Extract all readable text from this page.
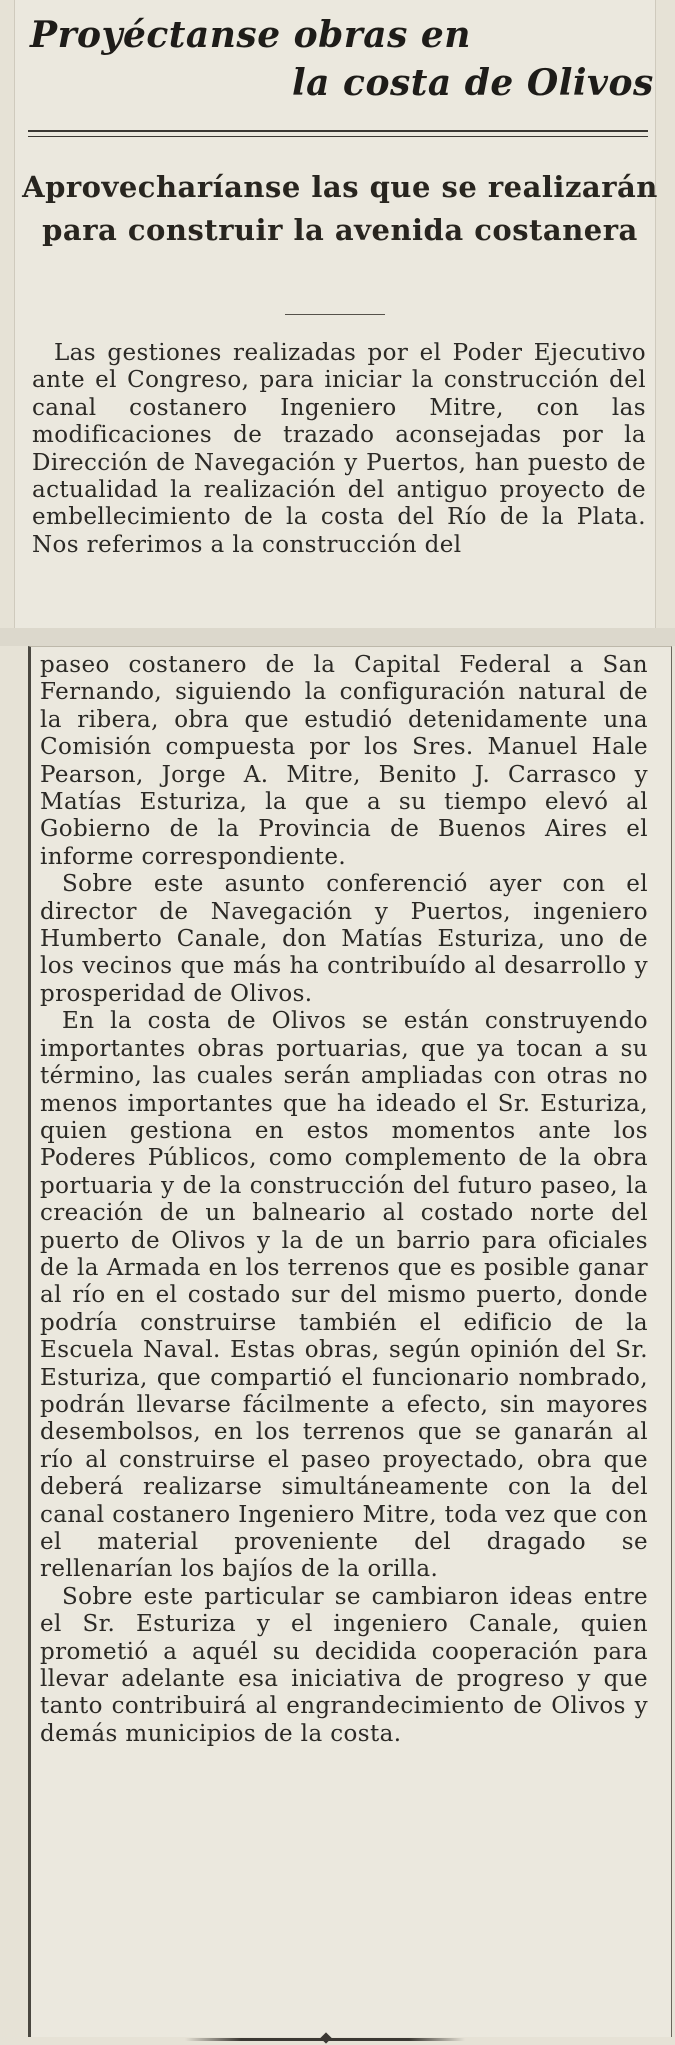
Proyéctanse obras en
la costa de Olivos
Aprovecharíanse las que se realizarán para construir la avenida costanera

Las gestiones realizadas por el Poder Ejecutivo ante el Congreso, para iniciar la construcción del canal costanero Ingeniero Mitre, con las modificaciones de trazado aconsejadas por la Dirección de Navegación y Puertos, han puesto de actualidad la realización del antiguo proyecto de embellecimiento de la costa del Río de la Plata. Nos referimos a la construcción del

paseo costanero de la Capital Federal a San Fernando, siguiendo la configuración natural de la ribera, obra que estudió detenidamente una Comisión compuesta por los Sres. Manuel Hale Pearson, Jorge A. Mitre, Benito J. Carrasco y Matías Esturiza, la que a su tiempo elevó al Gobierno de la Provincia de Buenos Aires el informe correspondiente.

Sobre este asunto conferenció ayer con el director de Navegación y Puertos, ingeniero Humberto Canale, don Matías Esturiza, uno de los vecinos que más ha contribuído al desarrollo y prosperidad de Olivos.

En la costa de Olivos se están construyendo importantes obras portuarias, que ya tocan a su término, las cuales serán ampliadas con otras no menos importantes que ha ideado el Sr. Esturiza, quien gestiona en estos momentos ante los Poderes Públicos, como complemento de la obra portuaria y de la construcción del futuro paseo, la creación de un balneario al costado norte del puerto de Olivos y la de un barrio para oficiales de la Armada en los terrenos que es posible ganar al río en el costado sur del mismo puerto, donde podría construirse también el edificio de la Escuela Naval. Estas obras, según opinión del Sr. Esturiza, que compartió el funcionario nombrado, podrán llevarse fácilmente a efecto, sin mayores desembolsos, en los terrenos que se ganarán al río al construirse el paseo proyectado, obra que deberá realizarse simultáneamente con la del canal costanero Ingeniero Mitre, toda vez que con el material proveniente del dragado se rellenarían los bajíos de la orilla.

Sobre este particular se cambiaron ideas entre el Sr. Esturiza y el ingeniero Canale, quien prometió a aquél su decidida cooperación para llevar adelante esa iniciativa de progreso y que tanto contribuirá al engrandecimiento de Olivos y demás municipios de la costa.
